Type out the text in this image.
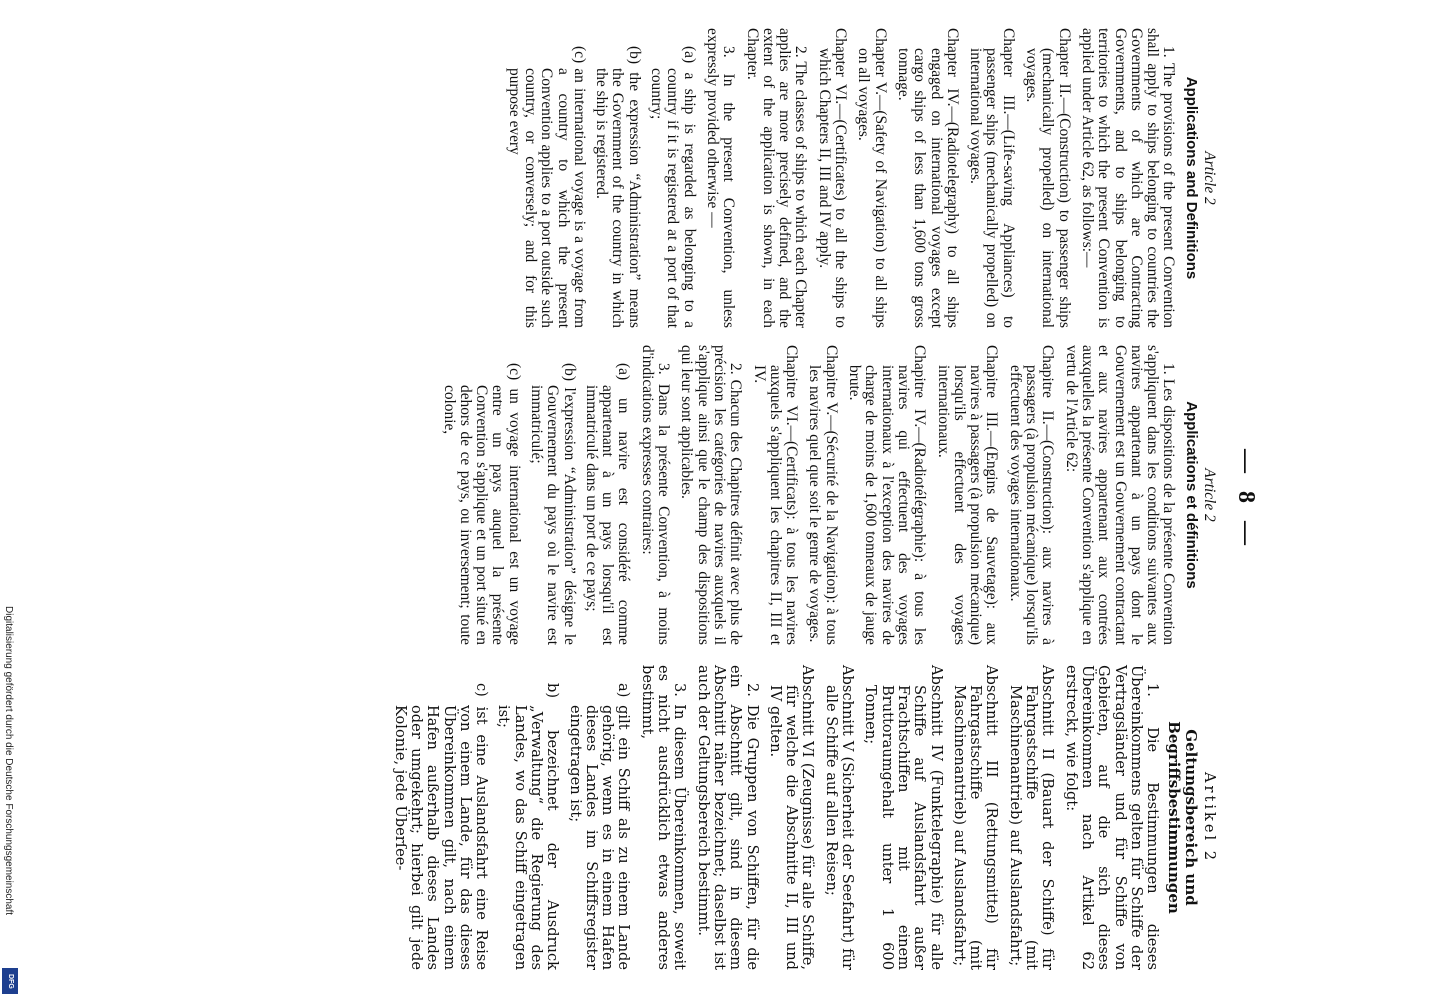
— 8 —
Article 2
Applications and Definitions

1. The provisions of the present Convention shall apply to ships belonging to countries the Governments of which are Contracting Governments, and to ships belonging to territories to which the present Convention is applied under Article 62, as follows:—

Chapter II.—(Construction) to passenger ships (mechanically propelled) on international voyages.

Chapter III.—(Life-saving Appliances) to passenger ships (mechanically propelled) on international voyages.

Chapter IV.—(Radiotelegraphy) to all ships engaged on international voyages except cargo ships of less than 1,600 tons gross tonnage.

Chapter V.—(Safety of Navigation) to all ships on all voyages.

Chapter VI.—(Certificates) to all the ships to which Chapters II, III and IV apply.

2. The classes of ships to which each Chapter applies are more precisely defined, and the extent of the application is shown, in each Chapter.

3. In the present Convention, unless expressly provided otherwise —

(a) a ship is regarded as belonging to a country if it is registered at a port of that country;

(b) the expression “Administration” means the Government of the country in which the ship is registered.

(c) an international voyage is a voyage from a country to which the present Convention applies to a port outside such country, or conversely; and for this purpose every

Article 2
Applications et définitions

1. Les dispositions de la présente Convention s'appliquent dans les conditions suivantes aux navires appartenant à un pays dont le Gouvernement est un Gouvernement contractant et aux navires appartenant aux contrées auxquelles la présente Convention s'applique en vertu de l'Article 62:

Chapitre II.—(Construction): aux navires à passagers (à propulsion mécanique) lorsqu'ils effectuent des voyages internationaux.

Chapitre III.—(Engins de Sauvetage): aux navires à passagers (à propulsion mécanique) lorsqu'ils effectuent des voyages internationaux.

Chapitre IV.—(Radiotélégraphie): à tous les navires qui effectuent des voyages internationaux à l'exception des navires de charge de moins de 1,600 tonneaux de jauge brute.

Chapitre V.—(Sécurité de la Navigation): à tous les navires quel que soit le genre de voyages.

Chapitre VI.—(Certificats): à tous les navires auxquels s'appliquent les chapitres II, III et IV.

2. Chacun des Chapitres définit avec plus de précision les catégories de navires auxquels il s'applique ainsi que le champ des dispositions qui leur sont applicables.

3. Dans la présente Convention, à moins d'indications expresses contraires:

(a) un navire est considéré comme appartenant à un pays lorsqu'il est immatriculé dans un port de ce pays;

(b) l'expression “Administration” désigne le Gouvernement du pays où le navire est immatriculé;

(c) un voyage international est un voyage entre un pays auquel la présente Convention s'applique et un port situé en dehors de ce pays, ou inversement; toute colonie,

Artikel 2
Geltungsbereich und Begriffsbestimmungen

1. Die Bestimmungen dieses Übereinkommens gelten für Schiffe der Vertragsländer und für Schiffe von Gebieten, auf die sich dieses Übereinkommen nach Artikel 62 erstreckt, wie folgt:

Abschnitt II (Bauart der Schiffe) für Fahrgastschiffe (mit Maschinenantrieb) auf Auslandsfahrt;

Abschnitt III (Rettungsmittel) für Fahrgastschiffe (mit Maschinenantrieb) auf Auslandsfahrt;

Abschnitt IV (Funktelegraphie) für alle Schiffe auf Auslandsfahrt außer Frachtschiffen mit einem Bruttoraumgehalt unter 1 600 Tonnen;

Abschnitt V (Sicherheit der Seefahrt) für alle Schiffe auf allen Reisen;

Abschnitt VI (Zeugnisse) für alle Schiffe, für welche die Abschnitte II, III und IV gelten.

2. Die Gruppen von Schiffen, für die ein Abschnitt gilt, sind in diesem Abschnitt näher bezeichnet; daselbst ist auch der Geltungsbereich bestimmt.

3. In diesem Übereinkommen, soweit es nicht ausdrücklich etwas anderes bestimmt,

a) gilt ein Schiff als zu einem Lande gehörig, wenn es in einem Hafen dieses Landes im Schiffsregister eingetragen ist;

b) bezeichnet der Ausdruck „Verwaltung“ die Regierung des Landes, wo das Schiff eingetragen ist;

c) ist eine Auslandsfahrt eine Reise von einem Lande, für das dieses Übereinkommen gilt, nach einem Hafen außerhalb dieses Landes oder umgekehrt; hierbei gilt jede Kolonie, jede Überſee-

Digitalisierung gefördert durch die Deutsche Forschungsgemeinschaft
DFG
